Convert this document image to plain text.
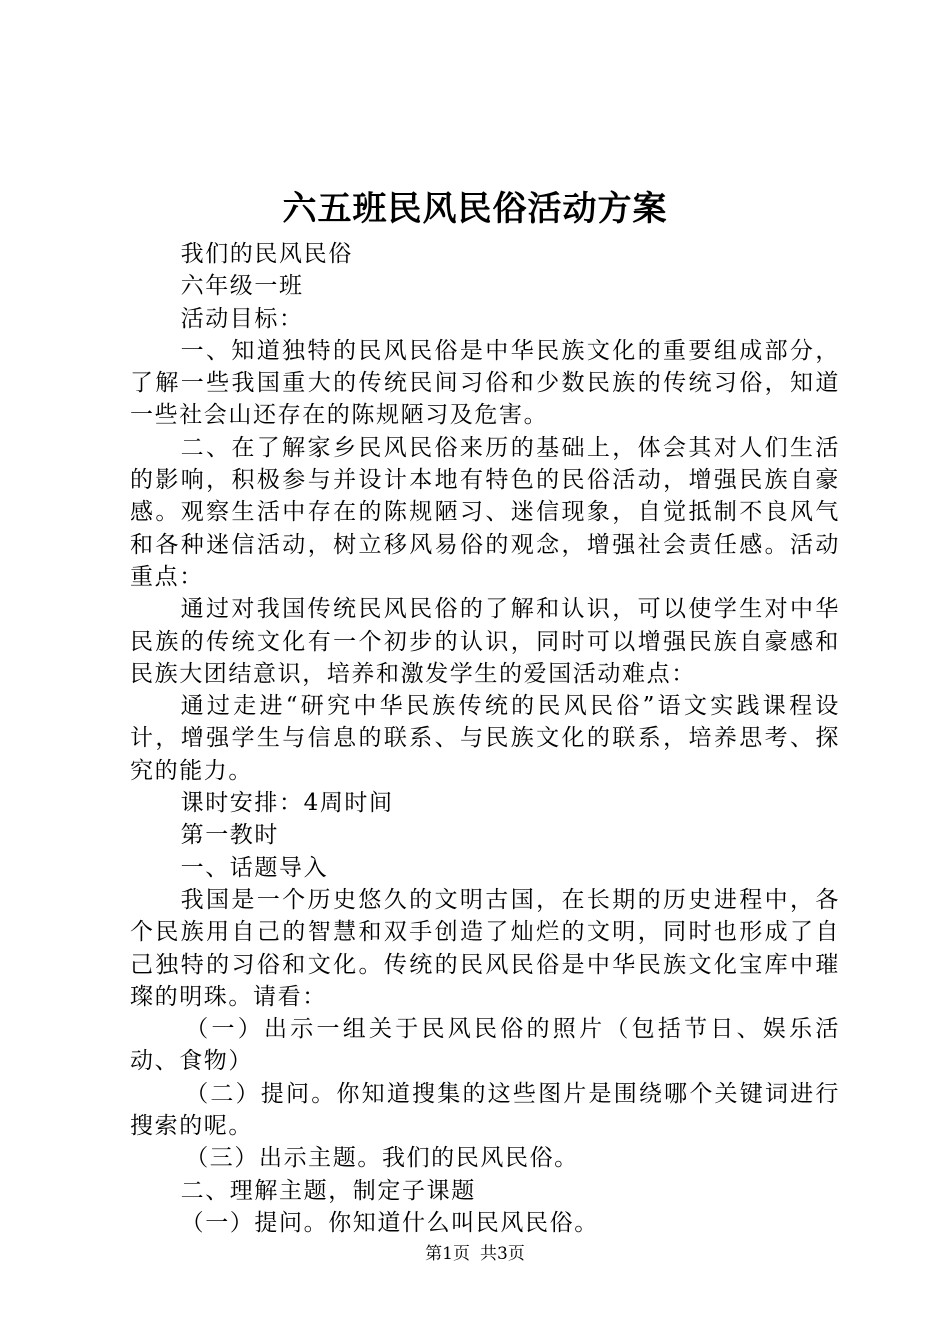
六五班民风民俗活动方案

我们的民风民俗

六年级一班

活动目标：

一、知道独特的民风民俗是中华民族文化的重要组成部分，了解一些我国重大的传统民间习俗和少数民族的传统习俗，知道一些社会山还存在的陈规陋习及危害。

二、在了解家乡民风民俗来历的基础上，体会其对人们生活的影响，积极参与并设计本地有特色的民俗活动，增强民族自豪感。观察生活中存在的陈规陋习、迷信现象，自觉抵制不良风气和各种迷信活动，树立移风易俗的观念，增强社会责任感。活动重点：

通过对我国传统民风民俗的了解和认识，可以使学生对中华民族的传统文化有一个初步的认识，同时可以增强民族自豪感和民族大团结意识，培养和激发学生的爱国活动难点：

通过走进“研究中华民族传统的民风民俗”语文实践课程设计，增强学生与信息的联系、与民族文化的联系，培养思考、探究的能力。

课时安排：4周时间

第一教时

一、话题导入

我国是一个历史悠久的文明古国，在长期的历史进程中，各个民族用自己的智慧和双手创造了灿烂的文明，同时也形成了自己独特的习俗和文化。传统的民风民俗是中华民族文化宝库中璀璨的明珠。请看：

（一）出示一组关于民风民俗的照片（包括节日、娱乐活动、食物）

（二）提问。你知道搜集的这些图片是围绕哪个关键词进行搜索的呢。

（三）出示主题。我们的民风民俗。

二、理解主题，制定子课题

（一）提问。你知道什么叫民风民俗。

第1页 共3页
